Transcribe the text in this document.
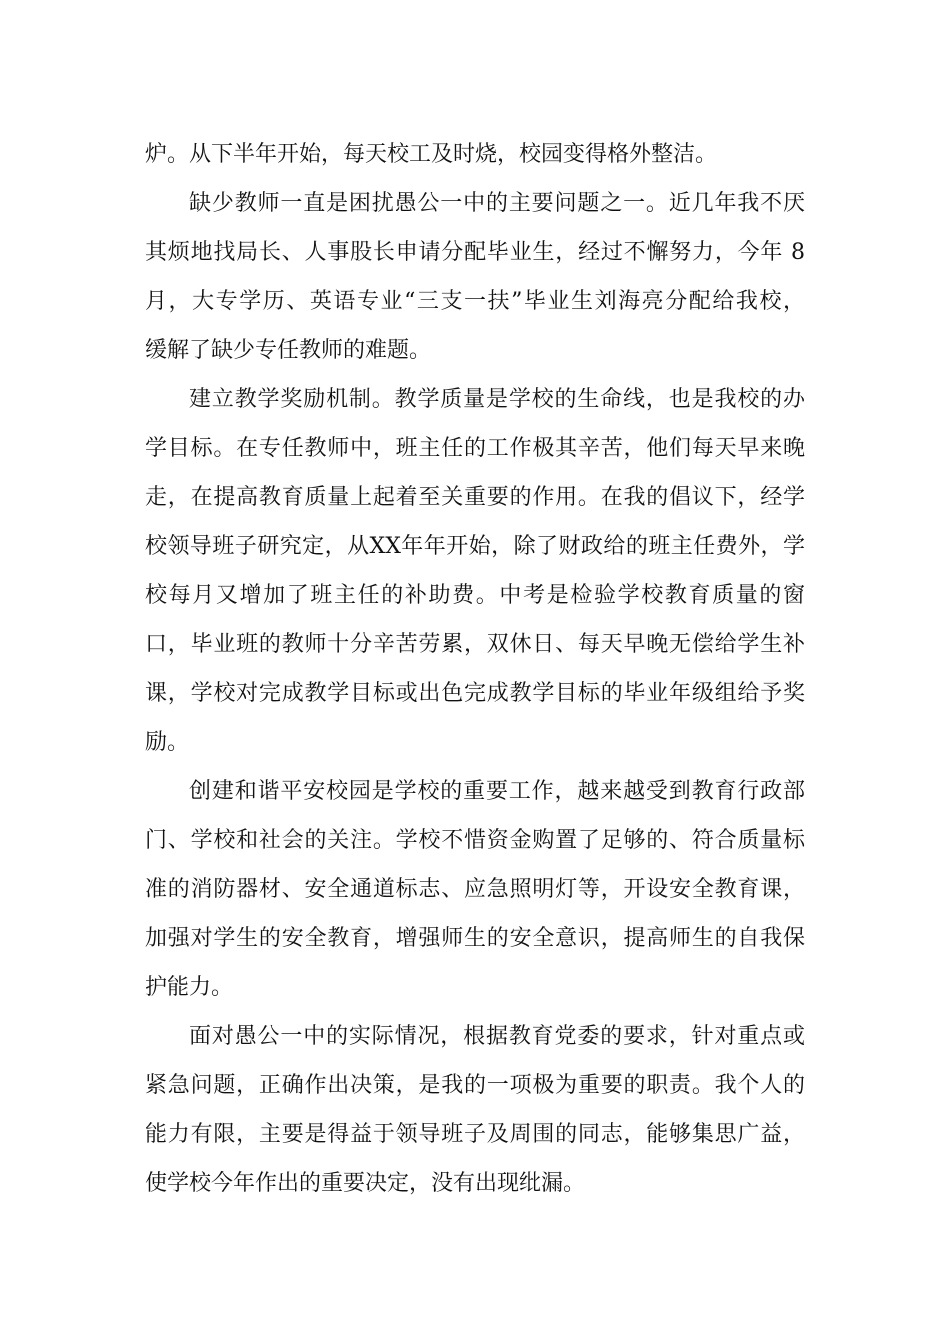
炉。从下半年开始，每天校工及时烧，校园变得格外整洁。
缺少教师一直是困扰愚公一中的主要问题之一。近几年我不厌
其烦地找局长、人事股长申请分配毕业生，经过不懈努力，今年 8
月，大专学历、英语专业“三支一扶”毕业生刘海亮分配给我校，
缓解了缺少专任教师的难题。
建立教学奖励机制。教学质量是学校的生命线，也是我校的办
学目标。在专任教师中，班主任的工作极其辛苦，他们每天早来晚
走，在提高教育质量上起着至关重要的作用。在我的倡议下，经学
校领导班子研究定，从XX年年开始，除了财政给的班主任费外，学
校每月又增加了班主任的补助费。中考是检验学校教育质量的窗
口，毕业班的教师十分辛苦劳累，双休日、每天早晚无偿给学生补
课，学校对完成教学目标或出色完成教学目标的毕业年级组给予奖
励。
创建和谐平安校园是学校的重要工作，越来越受到教育行政部
门、学校和社会的关注。学校不惜资金购置了足够的、符合质量标
准的消防器材、安全通道标志、应急照明灯等，开设安全教育课，
加强对学生的安全教育，增强师生的安全意识，提高师生的自我保
护能力。
面对愚公一中的实际情况，根据教育党委的要求，针对重点或
紧急问题，正确作出决策，是我的一项极为重要的职责。我个人的
能力有限，主要是得益于领导班子及周围的同志，能够集思广益，
使学校今年作出的重要决定，没有出现纰漏。
